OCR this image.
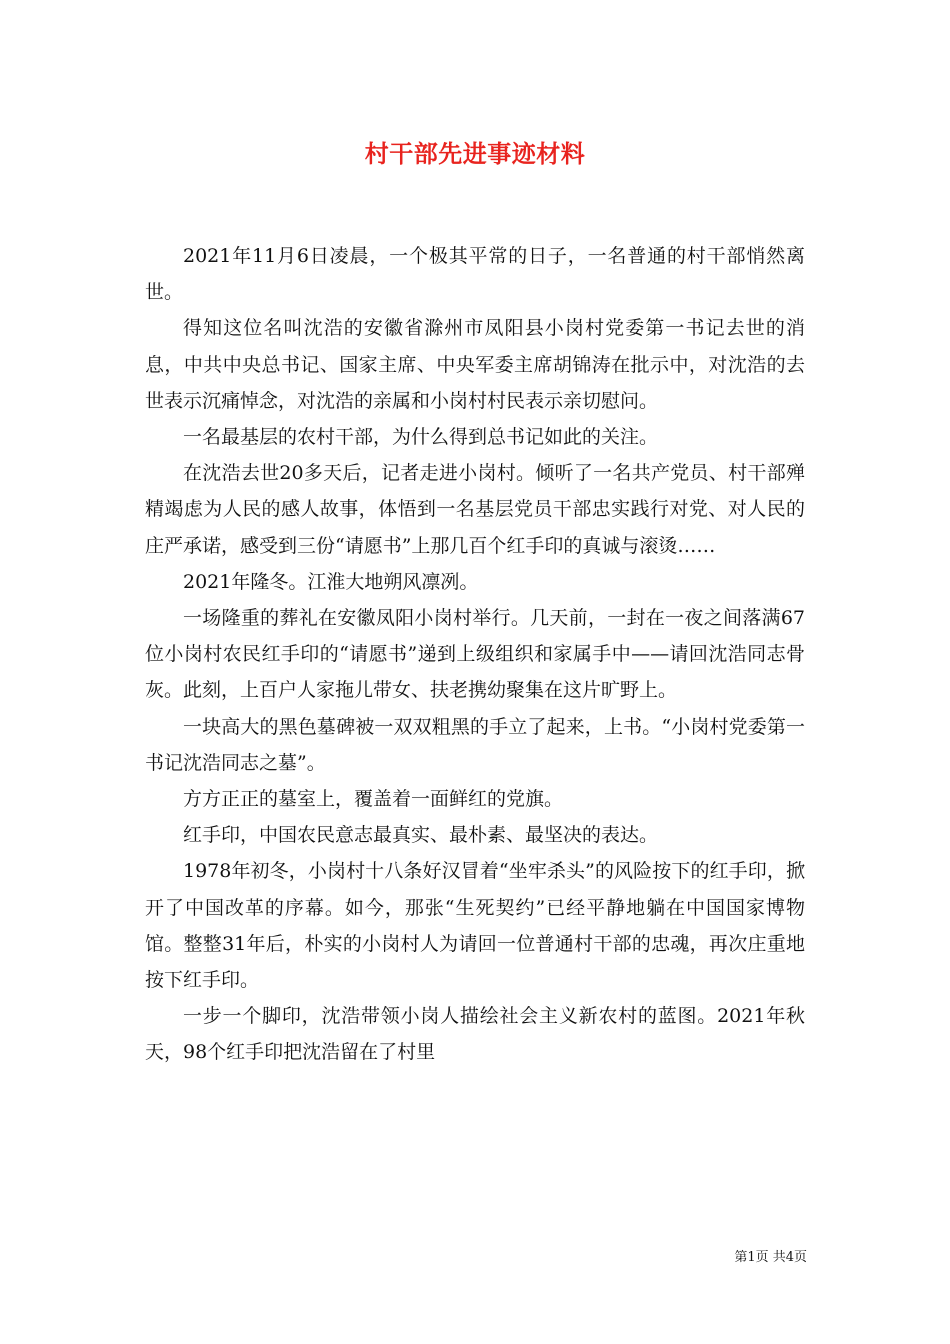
村干部先进事迹材料

2021年11月6日凌晨，一个极其平常的日子，一名普通的村干部悄然离世。

得知这位名叫沈浩的安徽省滁州市凤阳县小岗村党委第一书记去世的消息，中共中央总书记、国家主席、中央军委主席胡锦涛在批示中，对沈浩的去世表示沉痛悼念，对沈浩的亲属和小岗村村民表示亲切慰问。

一名最基层的农村干部，为什么得到总书记如此的关注。

在沈浩去世20多天后，记者走进小岗村。倾听了一名共产党员、村干部殚精竭虑为人民的感人故事，体悟到一名基层党员干部忠实践行对党、对人民的庄严承诺，感受到三份“请愿书”上那几百个红手印的真诚与滚烫……

2021年隆冬。江淮大地朔风凛冽。

一场隆重的葬礼在安徽凤阳小岗村举行。几天前，一封在一夜之间落满67位小岗村农民红手印的“请愿书”递到上级组织和家属手中——请回沈浩同志骨灰。此刻，上百户人家拖儿带女、扶老携幼聚集在这片旷野上。

一块高大的黑色墓碑被一双双粗黑的手立了起来，上书。“小岗村党委第一书记沈浩同志之墓”。

方方正正的墓室上，覆盖着一面鲜红的党旗。

红手印，中国农民意志最真实、最朴素、最坚决的表达。

1978年初冬，小岗村十八条好汉冒着“坐牢杀头”的风险按下的红手印，掀开了中国改革的序幕。如今，那张“生死契约”已经平静地躺在中国国家博物馆。整整31年后，朴实的小岗村人为请回一位普通村干部的忠魂，再次庄重地按下红手印。

一步一个脚印，沈浩带领小岗人描绘社会主义新农村的蓝图。2021年秋天，98个红手印把沈浩留在了村里

第1页 共4页
